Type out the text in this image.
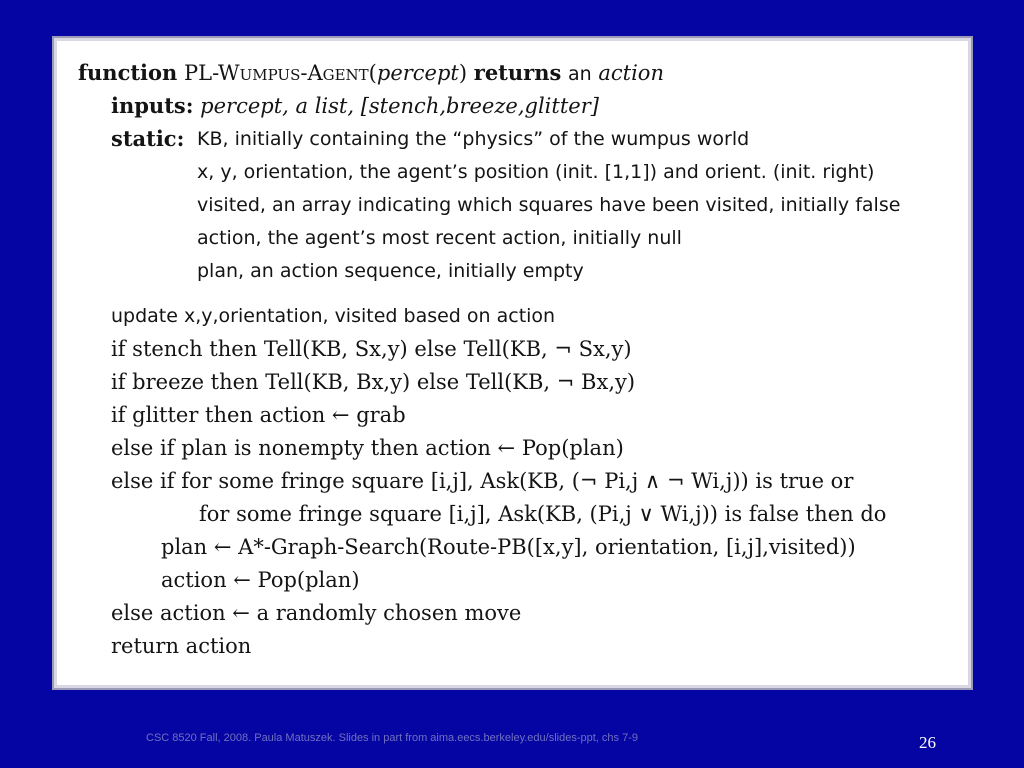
function PL-Wumpus-Agent(percept) returns an action
inputs: percept, a list, [stench,breeze,glitter]
static: KB, initially containing the “physics” of the wumpus world
x, y, orientation, the agent’s position (init. [1,1]) and orient. (init. right)
visited, an array indicating which squares have been visited, initially false
action, the agent’s most recent action, initially null
plan, an action sequence, initially empty
update x,y,orientation, visited based on action
if stench then Tell(KB, Sx,y) else Tell(KB, ¬ Sx,y)
if breeze then Tell(KB, Bx,y) else Tell(KB, ¬ Bx,y)
if glitter then action ← grab
else if plan is nonempty then action ← Pop(plan)
else if for some fringe square [i,j], Ask(KB, (¬ Pi,j ∧ ¬ Wi,j)) is true or
for some fringe square [i,j], Ask(KB, (Pi,j ∨ Wi,j)) is false then do
plan ← A*-Graph-Search(Route-PB([x,y], orientation, [i,j],visited))
action ← Pop(plan)
else action ← a randomly chosen move
return action
CSC 8520 Fall, 2008. Paula Matuszek. Slides in part from aima.eecs.berkeley.edu/slides-ppt, chs 7-9	26
